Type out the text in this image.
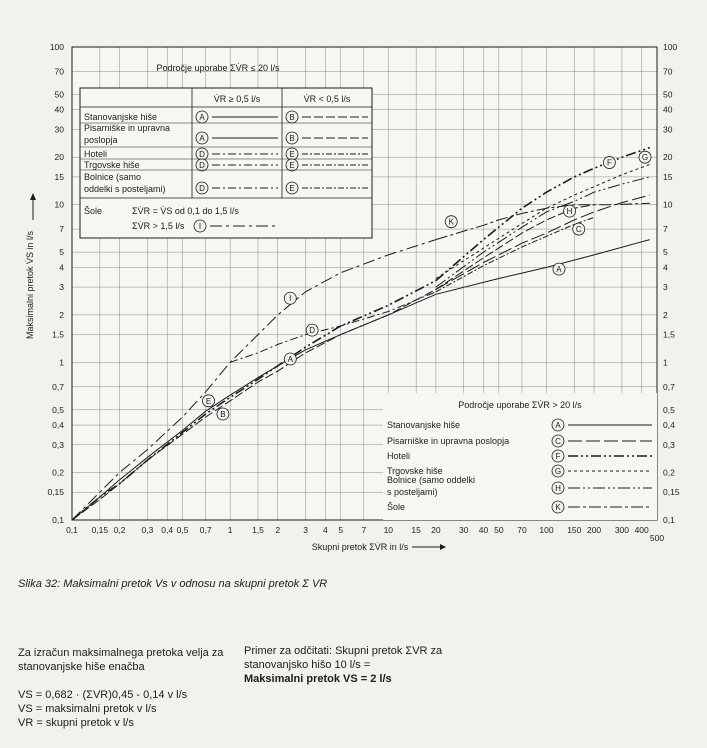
I
D
A
E
B
K
A
C
H
F
G
0,1 0,15 0,2 0,3 0,4 0,5 0,7 1 1,5 2	3 4 5 7 10 15 20 30 40 50 70 100 150 200 300 400
500
0,1	0,1
0,15	0,15
0,2	0,2
0,3	0,3
0,4	0,4
0,5	0,5
0,7	0,7
1	1
1,5	1,5
2	2
3	3
4	4
5	5
7	7
10	10
15	15
20	20
30	30
40	40
50	50
70	70
100	100
Skupni pretok ΣV̇R in l/s
Maksimalni pretok V̇S in l/s
V̇R ≥ 0,5 l/s	V̇R < 0,5 l/s
Področje uporabe ΣV̇R ≤ 20 l/s
Stanovanjske hiše	A	B
Pisarniške in upravna
poslopja	A	B
Hoteli	D	E
Trgovske hiše	D	E
Bolnice (samo
oddelki s posteljami)	D	E
Šole	ΣV̇R = V̇S od 0,1 do 1,5 l/s
ΣV̇R > 1,5 l/s I
Področje uporabe ΣV̇R > 20 l/s
Stanovanjske hiše	A
Pisarniške in upravna poslopja	C
Hoteli	F
Trgovske hiše	G
Bolnice (samo oddelki
s posteljami)	H
Šole	K
Slika 32: Maksimalni pretok Vs v odnosu na skupni pretok Σ VR
Za izračun maksimalnega pretoka velja za stanovanjske hiše enačba
VS = 0,682 · (ΣVR)0,45 - 0,14 v l/s
VS = maksimalni pretok v l/s
VR = skupni pretok v l/s
Primer za odčitati: Skupni pretok ΣVR za stanovanjsko hišo 10 l/s =
Maksimalni pretok VS = 2 l/s
